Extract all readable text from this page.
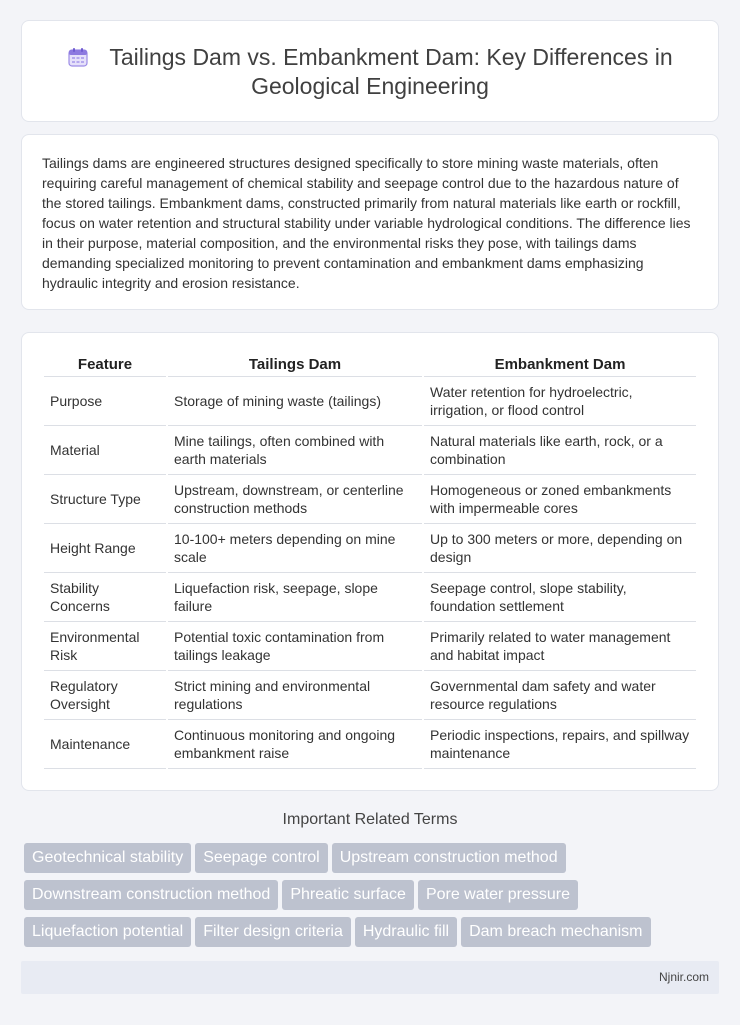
Tailings Dam vs. Embankment Dam: Key Differences in Geological Engineering

Tailings dams are engineered structures designed specifically to store mining waste materials, often requiring careful management of chemical stability and seepage control due to the hazardous nature of the stored tailings. Embankment dams, constructed primarily from natural materials like earth or rockfill, focus on water retention and structural stability under variable hydrological conditions. The difference lies in their purpose, material composition, and the environmental risks they pose, with tailings dams demanding specialized monitoring to prevent contamination and embankment dams emphasizing hydraulic integrity and erosion resistance.

Feature	Tailings Dam	Embankment Dam
Purpose	Storage of mining waste (tailings)	Water retention for hydroelectric, irrigation, or flood control
Material	Mine tailings, often combined with earth materials	Natural materials like earth, rock, or a combination
Structure Type	Upstream, downstream, or centerline construction methods	Homogeneous or zoned embankments with impermeable cores
Height Range	10-100+ meters depending on mine scale	Up to 300 meters or more, depending on design
Stability Concerns	Liquefaction risk, seepage, slope failure	Seepage control, slope stability, foundation settlement
Environmental Risk	Potential toxic contamination from tailings leakage	Primarily related to water management and habitat impact
Regulatory Oversight	Strict mining and environmental regulations	Governmental dam safety and water resource regulations
Maintenance	Continuous monitoring and ongoing embankment raise	Periodic inspections, repairs, and spillway maintenance
Important Related Terms
Geotechnical stability Seepage control Upstream construction method
Downstream construction method Phreatic surface Pore water pressure
Liquefaction potential Filter design criteria Hydraulic fill Dam breach mechanism
Njnir.com
